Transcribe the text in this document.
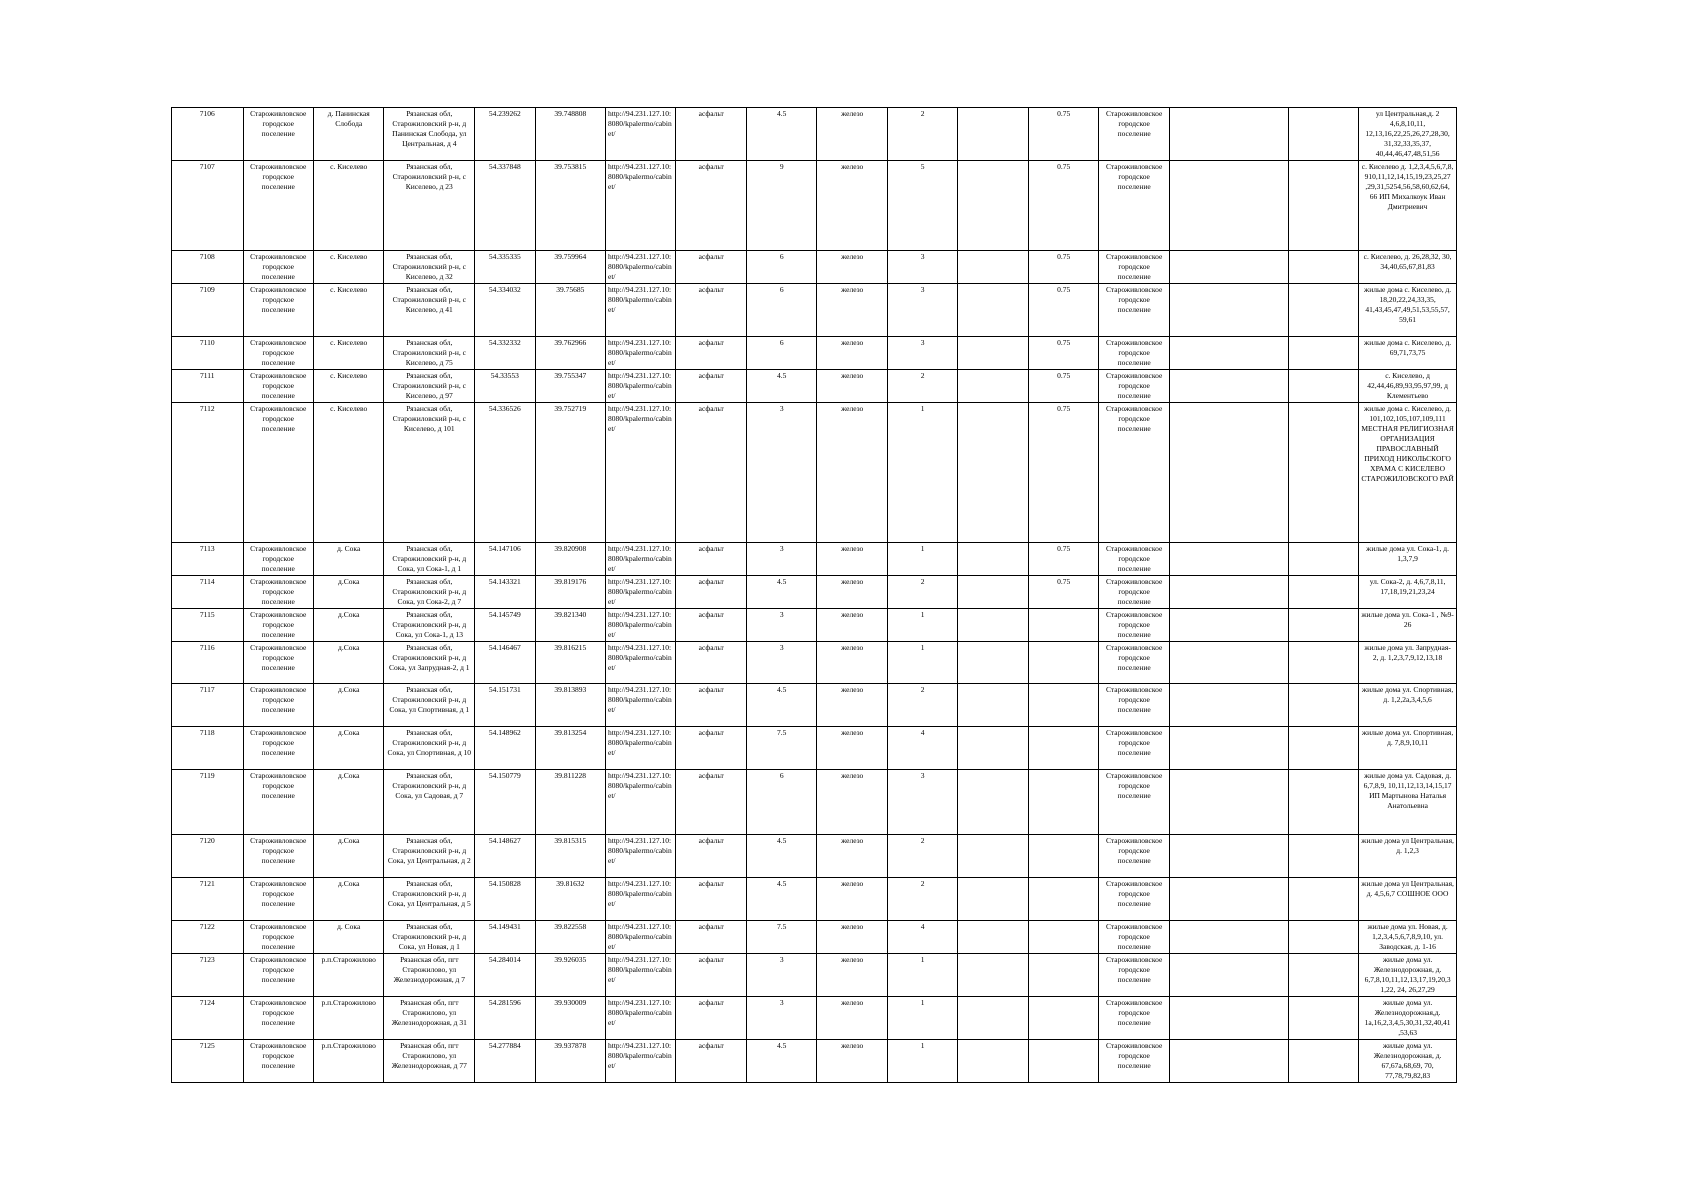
7106	Староживловское городское поселение	д. Панинская Слобода	Рязанская обл, Старожиловский р-н, д Панинская Слобода, ул Центральная, д 4	54.239262	39.748808	http://94.231.127.10:8080/kpalermo/cabinet/	асфальт	4.5	железо	2		0.75	Староживловское городское поселение			ул Центральная,д. 2 4,6,8,10,11, 12,13,16,22,25,26,27,28,30, 31,32,33,35,37, 40,44,46,47,48,51,56
7107	Староживловское городское поселение	с. Киселево	Рязанская обл, Старожиловский р-н, с Киселево, д 23	54.337848	39.753815	http://94.231.127.10:8080/kpalermo/cabinet/	асфальт	9	железо	5		0.75	Староживловское городское поселение			с. Киселево д. 1,2,3,4,5,6,7,8, 910,11,12,14,15,19,23,25,27 ,29,31,5254,56,58,60,62,64, 66 ИП Михалкоук Иван Дмитриевич
7108	Староживловское городское поселение	с. Киселево	Рязанская обл, Старожиловский р-н, с Киселево, д 32	54.335335	39.759964	http://94.231.127.10:8080/kpalermo/cabinet/	асфальт	6	железо	3		0.75	Староживловское городское поселение			с. Киселево, д. 26,28,32, 30, 34,40,65,67,81,83
7109	Староживловское городское поселение	с. Киселево	Рязанская обл, Старожиловский р-н, с Киселево, д 41	54.334032	39.75685	http://94.231.127.10:8080/kpalermo/cabinet/	асфальт	6	железо	3		0.75	Староживловское городское поселение			жилые дома с. Киселево, д. 18,20,22,24,33,35, 41,43,45,47,49,51,53,55,57, 59,61
7110	Староживловское городское поселение	с. Киселево	Рязанская обл, Старожиловский р-н, с Киселево, д 75	54.332332	39.762966	http://94.231.127.10:8080/kpalermo/cabinet/	асфальт	6	железо	3		0.75	Староживловское городское поселение			жилые дома с. Киселево, д. 69,71,73,75
7111	Староживловское городское поселение	с. Киселево	Рязанская обл, Старожиловский р-н, с Киселево, д 97	54.33553	39.755347	http://94.231.127.10:8080/kpalermo/cabinet/	асфальт	4.5	железо	2		0.75	Староживловское городское поселение			с. Киселево, д 42,44,46,89,93,95,97,99, д Клементьево
7112	Староживловское городское поселение	с. Киселево	Рязанская обл, Старожиловский р-н, с Киселево, д 101	54.336526	39.752719	http://94.231.127.10:8080/kpalermo/cabinet/	асфальт	3	железо	1		0.75	Староживловское городское поселение			жилые дома с. Киселево, д. 101,102,105,107,109,111 МЕСТНАЯ РЕЛИГИОЗНАЯ ОРГАНИЗАЦИЯ ПРАВОСЛАВНЫЙ ПРИХОД НИКОЛЬСКОГО ХРАМА С КИСЕЛЕВО СТАРОЖИЛОВСКОГО РАЙ
7113	Староживловское городское поселение	д. Сокa	Рязанская обл, Старожиловский р-н, д Сокa, ул Сокa-1, д 1	54.147106	39.820908	http://94.231.127.10:8080/kpalermo/cabinet/	асфальт	3	железо	1		0.75	Староживловское городское поселение			жилые дома ул. Сокa-1, д. 1,3,7,9
7114	Староживловское городское поселение	д.Сокa	Рязанская обл, Старожиловский р-н, д Сокa, ул Сокa-2, д 7	54.143321	39.819176	http://94.231.127.10:8080/kpalermo/cabinet/	асфальт	4.5	железо	2		0.75	Староживловское городское поселение			ул. Сокa-2, д. 4,6,7,8,11, 17,18,19,21,23,24
7115	Староживловское городское поселение	д.Сокa	Рязанская обл, Старожиловский р-н, д Сокa, ул Сокa-1, д 13	54.145749	39.821340	http://94.231.127.10:8080/kpalermo/cabinet/	асфальт	3	железо	1			Староживловское городское поселение			жилые дома ул. Сокa-1 , №9- 26
7116	Староживловское городское поселение	д.Сокa	Рязанская обл, Старожиловский р-н, д Сокa, ул Запрудная-2, д 1	54.146467	39.816215	http://94.231.127.10:8080/kpalermo/cabinet/	асфальт	3	железо	1			Староживловское городское поселение			жилые дома ул. Запрудная- 2, д. 1,2,3,7,9,12,13,18
7117	Староживловское городское поселение	д.Сокa	Рязанская обл, Старожиловский р-н, д Сокa, ул Спортивная, д 1	54.151731	39.813893	http://94.231.127.10:8080/kpalermo/cabinet/	асфальт	4.5	железо	2			Староживловское городское поселение			жилые дома ул. Спортивная, д. 1,2,2а,3,4,5,6
7118	Староживловское городское поселение	д.Сокa	Рязанская обл, Старожиловский р-н, д Сокa, ул Спортивная, д 10	54.148962	39.813254	http://94.231.127.10:8080/kpalermo/cabinet/	асфальт	7.5	железо	4			Староживловское городское поселение			жилые дома ул. Спортивная, д. 7,8,9,10,11
7119	Староживловское городское поселение	д.Сокa	Рязанская обл, Старожиловский р-н, д Сокa, ул Садовая, д 7	54.150779	39.811228	http://94.231.127.10:8080/kpalermo/cabinet/	асфальт	6	железо	3			Староживловское городское поселение			жилые дома ул. Садовая, д. 6,7,8,9, 10,11,12,13,14,15,17 ИП Мартынова Наталья Анатольевна
7120	Староживловское городское поселение	д.Сокa	Рязанская обл, Старожиловский р-н, д Сокa, ул Центральная, д 2	54.148627	39.815315	http://94.231.127.10:8080/kpalermo/cabinet/	асфальт	4.5	железо	2			Староживловское городское поселение			жилые дома ул Центральная, д. 1,2,3
7121	Староживловское городское поселение	д.Сокa	Рязанская обл, Старожиловский р-н, д Сокa, ул Центральная, д 5	54.150828	39.81632	http://94.231.127.10:8080/kpalermo/cabinet/	асфальт	4.5	железо	2			Староживловское городское поселение			жилые дома ул Центральная, д. 4,5,6,7 СОШНОЕ ООО
7122	Староживловское городское поселение	д. Сокa	Рязанская обл, Старожиловский р-н, д Сокa, ул Новая, д 1	54.149431	39.822558	http://94.231.127.10:8080/kpalermo/cabinet/	асфальт	7.5	железо	4			Староживловское городское поселение			жилые дома ул. Новая, д. 1,2,3,4,5,6,7,8,9,10, ул. Заводская, д. 1-16
7123	Староживловское городское поселение	р.п.Старожилово	Рязанская обл, пгт Старожилово, ул Железнодорожная, д 7	54.284014	39.926035	http://94.231.127.10:8080/kpalermo/cabinet/	асфальт	3	железо	1			Староживловское городское поселение			жилые дома ул. Железнодорожная, д. 6,7,8,10,11,12,13,17,19,20,3 1,22, 24, 26,27,29
7124	Староживловское городское поселение	р.п.Старожилово	Рязанская обл, пгт Старожилово, ул Железнодорожная, д 31	54.281596	39.930009	http://94.231.127.10:8080/kpalermo/cabinet/	асфальт	3	железо	1			Староживловское городское поселение			жилые дома ул. Железнодорожная,д. 1а,16,2,3,4,5,30,31,32,40,41 ,53,63
7125	Староживловское городское поселение	р.п.Старожилово	Рязанская обл, пгт Старожилово, ул Железнодорожная, д 77	54.277884	39.937878	http://94.231.127.10:8080/kpalermo/cabinet/	асфальт	4.5	железо	1			Староживловское городское поселение			жилые дома ул. Железнодорожная, д. 67,67а,68,69, 70, 77,78,79,82,83
